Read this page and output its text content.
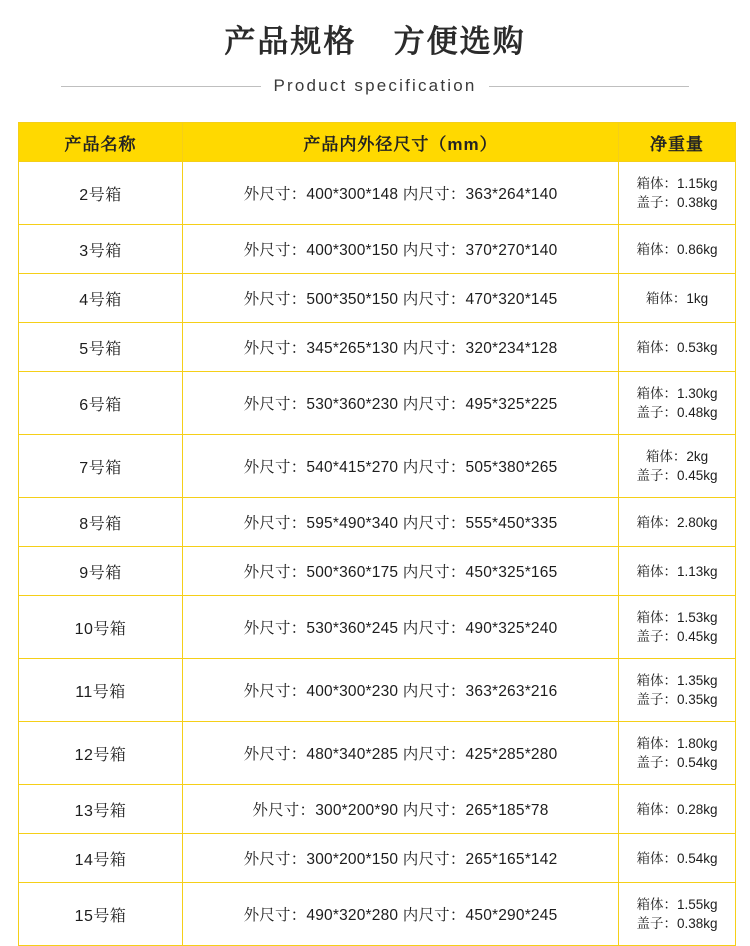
产品规格 方便选购
Product specification
产品名称	产品内外径尺寸（mm）	净重量
2号箱	外尺寸：400*300*148 内尺寸：363*264*140	箱体：1.15kg
盖子：0.38kg

3号箱	外尺寸：400*300*150 内尺寸：370*270*140	箱体：0.86kg

4号箱	外尺寸：500*350*150 内尺寸：470*320*145	箱体：1kg

5号箱	外尺寸：345*265*130 内尺寸：320*234*128	箱体：0.53kg

6号箱	外尺寸：530*360*230 内尺寸：495*325*225	箱体：1.30kg
盖子：0.48kg

7号箱	外尺寸：540*415*270 内尺寸：505*380*265	箱体：2kg
盖子：0.45kg

8号箱	外尺寸：595*490*340 内尺寸：555*450*335	箱体：2.80kg

9号箱	外尺寸：500*360*175 内尺寸：450*325*165	箱体：1.13kg

10号箱	外尺寸：530*360*245 内尺寸：490*325*240	箱体：1.53kg
盖子：0.45kg

11号箱	外尺寸：400*300*230 内尺寸：363*263*216	箱体：1.35kg
盖子：0.35kg

12号箱	外尺寸：480*340*285 内尺寸：425*285*280	箱体：1.80kg
盖子：0.54kg

13号箱	外尺寸：300*200*90 内尺寸：265*185*78	箱体：0.28kg

14号箱	外尺寸：300*200*150 内尺寸：265*165*142	箱体：0.54kg

15号箱	外尺寸：490*320*280 内尺寸：450*290*245	箱体：1.55kg
盖子：0.38kg
